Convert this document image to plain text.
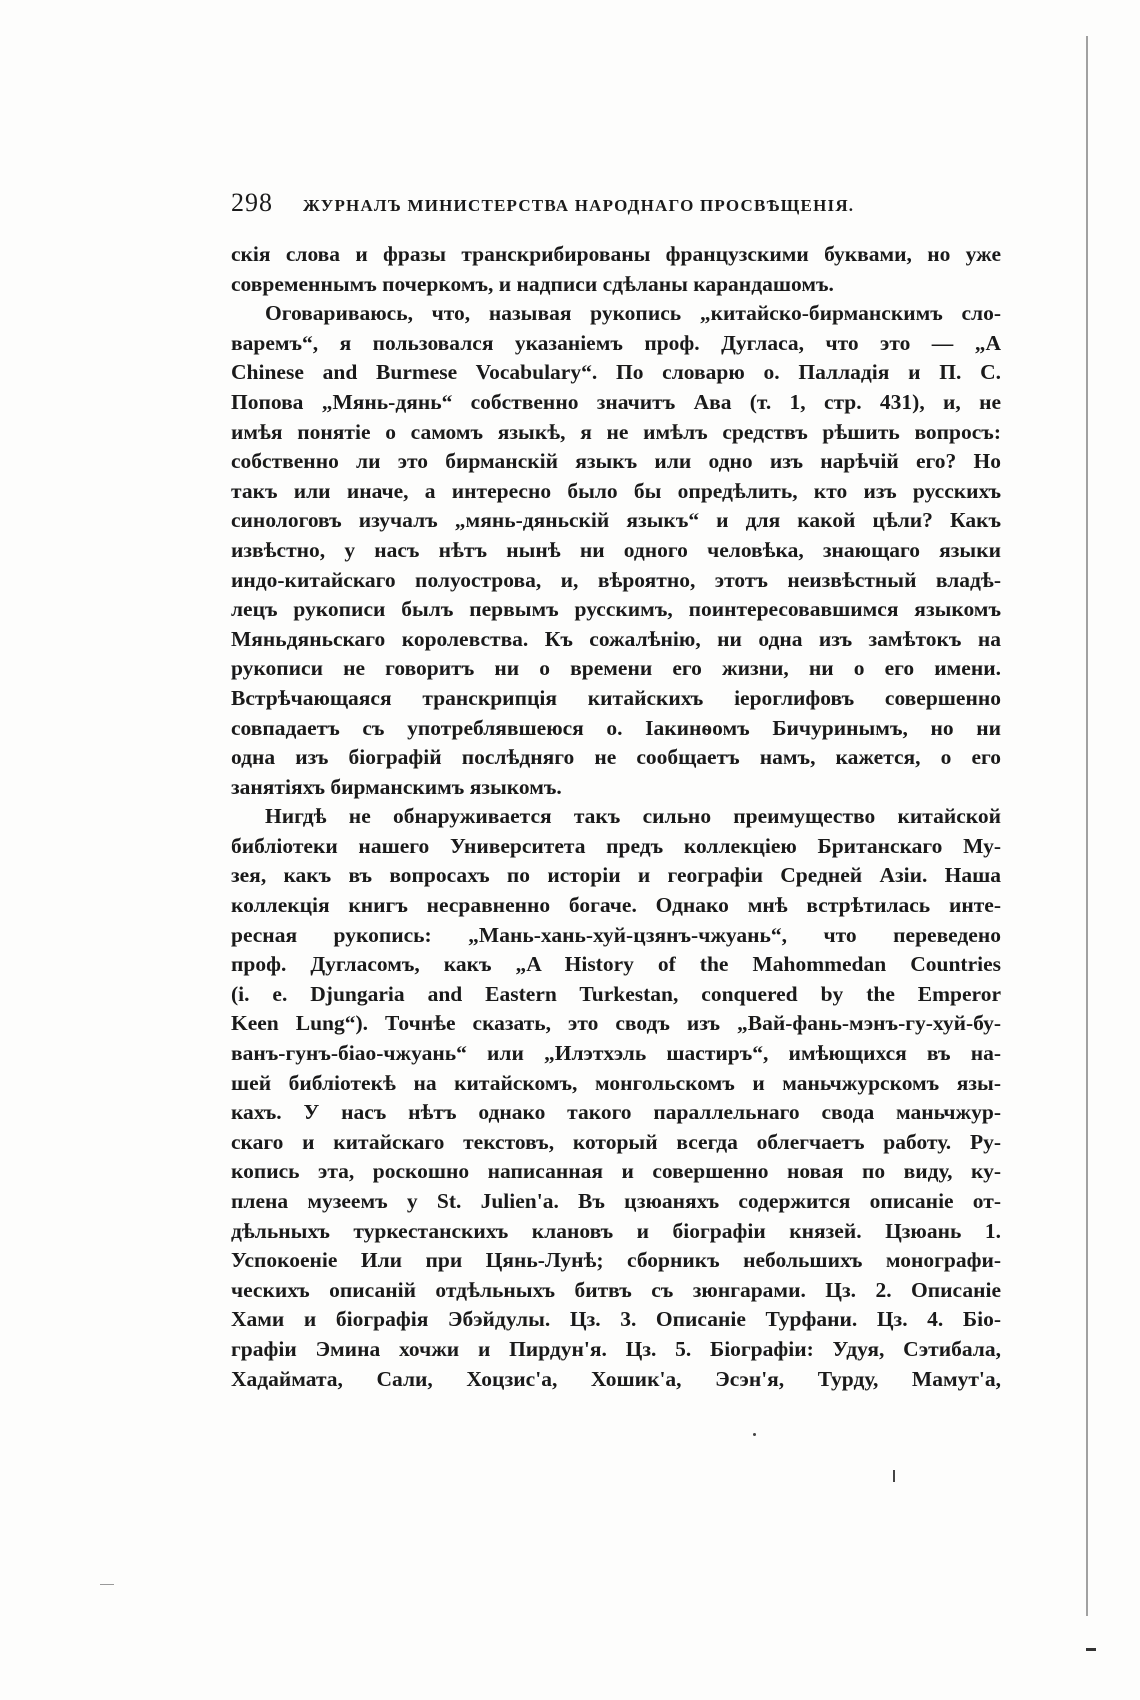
298 ЖУРНАЛЪ МИНИСТЕРСТВА НАРОДНАГО ПРОСВѢЩЕНІЯ.
скія слова и фразы транскрибированы французскими буквами, но уже
современнымъ почеркомъ, и надписи сдѣланы карандашомъ.
Оговариваюсь, что, называя рукопись „китайско-бирманскимъ сло-
варемъ“, я пользовался указаніемъ проф. Дугласа, что это — „A
Chinese and Burmese Vocabulary“. По словарю о. Палладія и П. С.
Попова „Мянь-дянь“ собственно значитъ Ава (т. 1, стр. 431), и, не
имѣя понятіе о самомъ языкѣ, я не имѣлъ средствъ рѣшить вопросъ:
собственно ли это бирманскій языкъ или одно изъ нарѣчій его? Но
такъ или иначе, а интересно было бы опредѣлить, кто изъ русскихъ
синологовъ изучалъ „мянь-дяньскій языкъ“ и для какой цѣли? Какъ
извѣстно, у насъ нѣтъ нынѣ ни одного человѣка, знающаго языки
индо-китайскаго полуострова, и, вѣроятно, этотъ неизвѣстный владѣ-
лецъ рукописи былъ первымъ русскимъ, поинтересовавшимся языкомъ
Мяньдяньскаго королевства. Къ сожалѣнію, ни одна изъ замѣтокъ на
рукописи не говоритъ ни о времени его жизни, ни о его имени.
Встрѣчающаяся транскрипція китайскихъ іероглифовъ совершенно
совпадаетъ съ употреблявшеюся о. Іакинѳомъ Бичуринымъ, но ни
одна изъ біографій послѣдняго не сообщаетъ намъ, кажется, о его
занятіяхъ бирманскимъ языкомъ.
Нигдѣ не обнаруживается такъ сильно преимущество китайской
библіотеки нашего Университета предъ коллекціею Британскаго Му-
зея, какъ въ вопросахъ по исторіи и географіи Средней Азіи. Наша
коллекція книгъ несравненно богаче. Однако мнѣ встрѣтилась инте-
ресная рукопись: „Мань-хань-хуй-цзянъ-чжуань“, что переведено
проф. Дугласомъ, какъ „A History of the Mahommedan Countries
(i. e. Djungaria and Eastern Turkestan, conquered by the Emperor
Keen Lung“). Точнѣе сказать, это сводъ изъ „Вай-фань-мэнъ-гу-хуй-бу-
ванъ-гунъ-біао-чжуань“ или „Илэтхэль шастиръ“, имѣющихся въ на-
шей библіотекѣ на китайскомъ, монгольскомъ и маньчжурскомъ язы-
кахъ. У насъ нѣтъ однако такого параллельнаго свода маньчжур-
скаго и китайскаго текстовъ, который всегда облегчаетъ работу. Ру-
копись эта, роскошно написанная и совершенно новая по виду, ку-
плена музеемъ у St. Julien'а. Въ цзюаняхъ содержится описаніе от-
дѣльныхъ туркестанскихъ клановъ и біографіи князей. Цзюань 1.
Успокоеніе Или при Цянь-Лунѣ; сборникъ небольшихъ монографи-
ческихъ описаній отдѣльныхъ битвъ съ зюнгарами. Цз. 2. Описаніе
Хами и біографія Эбэйдулы. Цз. 3. Описаніе Турфани. Цз. 4. Біо-
графіи Эмина хочжи и Пирдун'я. Цз. 5. Біографіи: Удуя, Сэтибала,
Хадаймата, Сали, Хоцзис'а, Хошик'а, Эсэн'я, Турду, Мамут'а,
